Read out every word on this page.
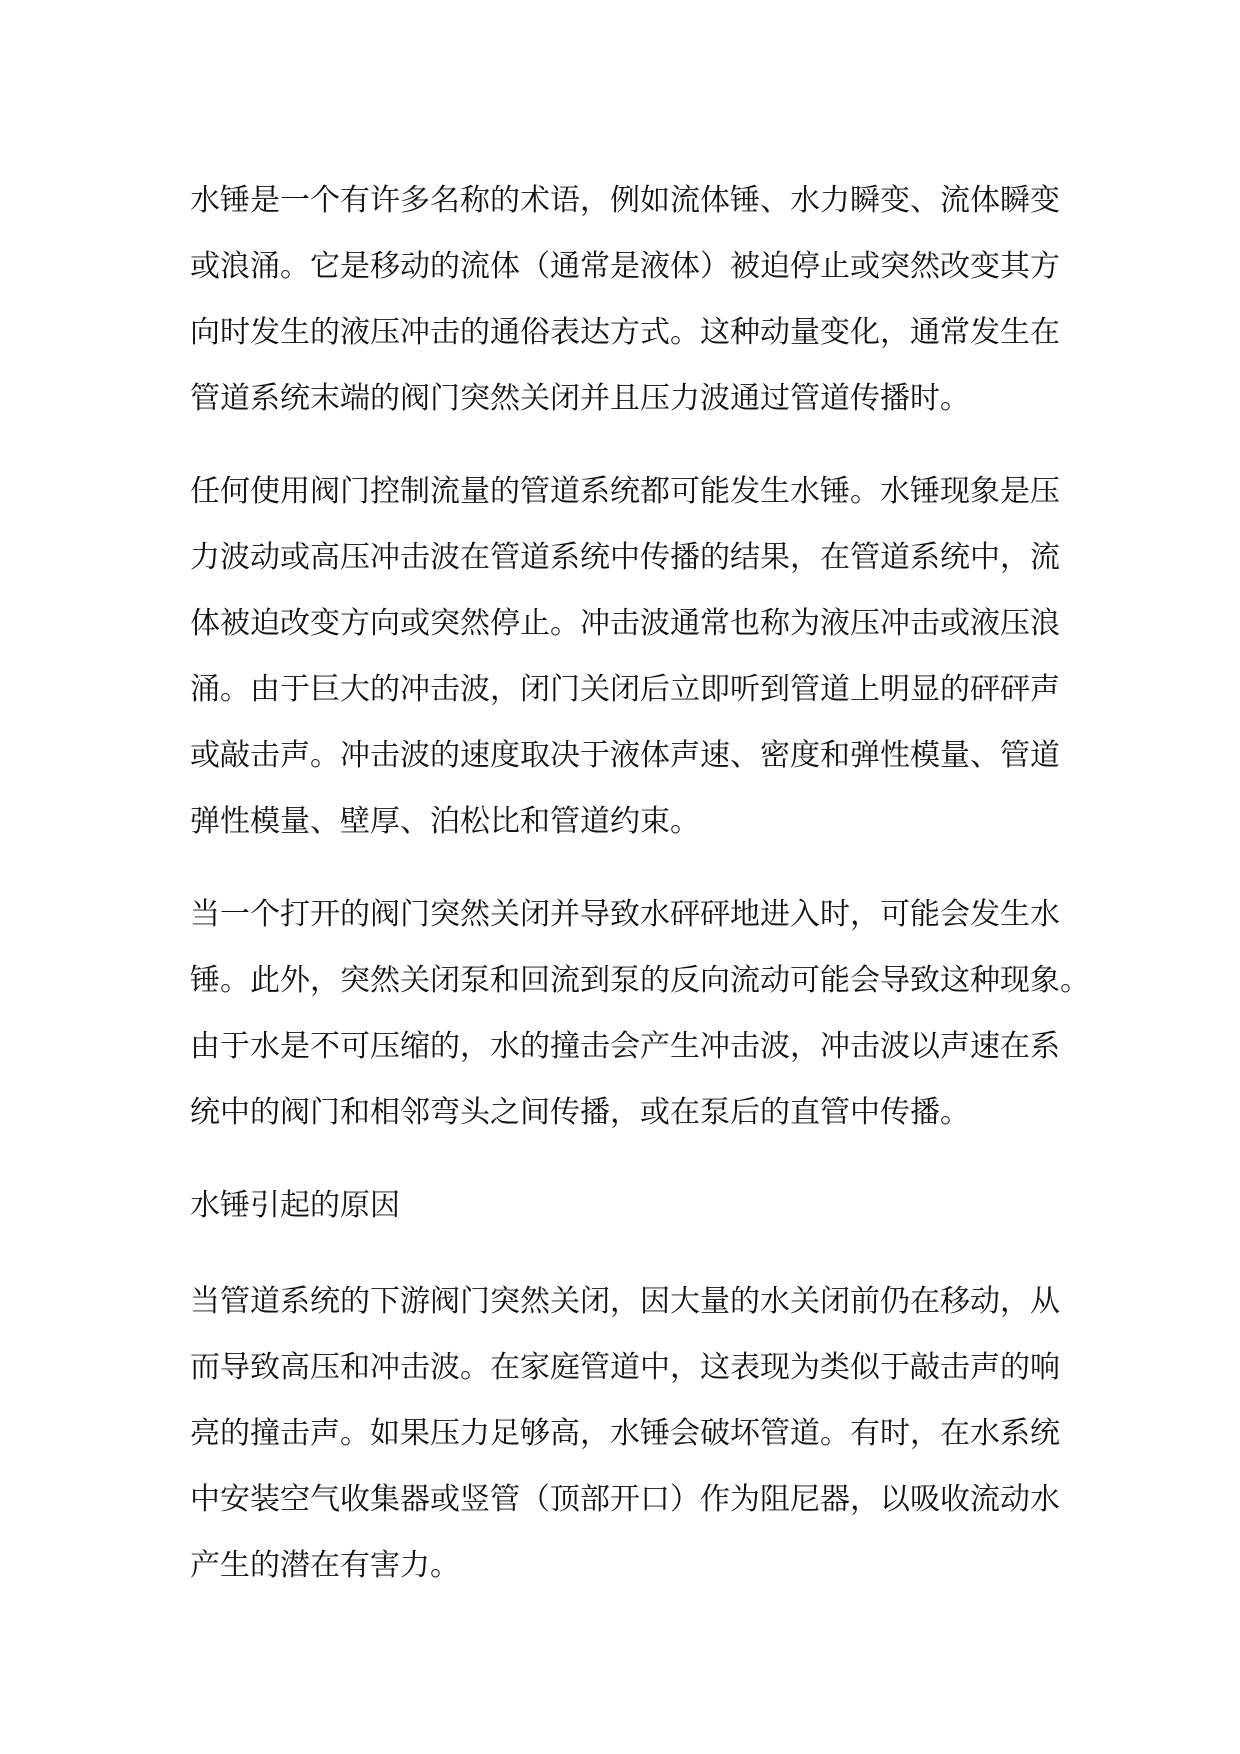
水锤是一个有许多名称的术语，例如流体锤、水力瞬变、流体瞬变
或浪涌。它是移动的流体（通常是液体）被迫停止或突然改变其方
向时发生的液压冲击的通俗表达方式。这种动量变化，通常发生在
管道系统末端的阀门突然关闭并且压力波通过管道传播时。
任何使用阀门控制流量的管道系统都可能发生水锤。水锤现象是压
力波动或高压冲击波在管道系统中传播的结果，在管道系统中，流
体被迫改变方向或突然停止。冲击波通常也称为液压冲击或液压浪
涌。由于巨大的冲击波，闭门关闭后立即听到管道上明显的砰砰声
或敲击声。冲击波的速度取决于液体声速、密度和弹性模量、管道
弹性模量、壁厚、泊松比和管道约束。
当一个打开的阀门突然关闭并导致水砰砰地进入时，可能会发生水
锤。此外，突然关闭泵和回流到泵的反向流动可能会导致这种现象。
由于水是不可压缩的，水的撞击会产生冲击波，冲击波以声速在系
统中的阀门和相邻弯头之间传播，或在泵后的直管中传播。
水锤引起的原因
当管道系统的下游阀门突然关闭，因大量的水关闭前仍在移动，从
而导致高压和冲击波。在家庭管道中，这表现为类似于敲击声的响
亮的撞击声。如果压力足够高，水锤会破坏管道。有时，在水系统
中安装空气收集器或竖管（顶部开口）作为阻尼器，以吸收流动水
产生的潜在有害力。
